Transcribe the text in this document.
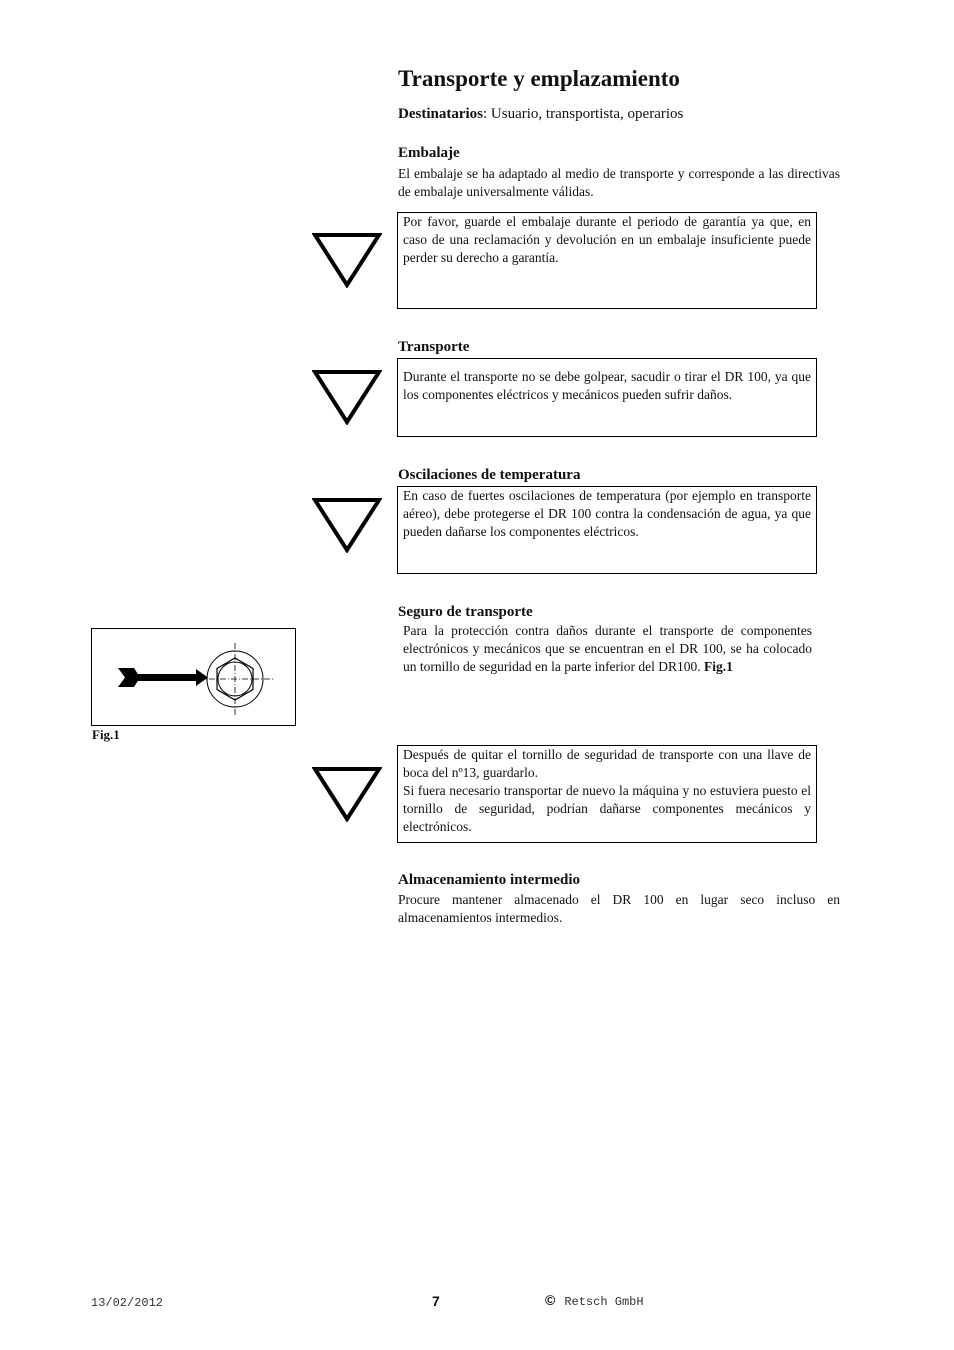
Transporte y emplazamiento
Destinatarios: Usuario, transportista, operarios
Embalaje
El embalaje se ha adaptado al medio de transporte y corresponde a las directivas de embalaje universalmente válidas.

Por favor, guarde el embalaje durante el periodo de garantía ya que, en caso de una reclamación y devolución en un embalaje insuficiente puede perder su derecho a garantía.

Transporte

Durante el transporte no se debe golpear, sacudir o tirar el DR 100, ya que los componentes eléctricos y mecánicos pueden sufrir daños.

Oscilaciones de temperatura

En caso de fuertes oscilaciones de temperatura (por ejemplo en transporte aéreo), debe protegerse el DR 100 contra la condensación de agua, ya que pueden dañarse los componentes eléctricos.

Seguro de transporte
Para la protección contra daños durante el transporte de componentes electrónicos y mecánicos que se encuentran en el DR 100, se ha colocado un tornillo de seguridad en la parte inferior del DR100. Fig.1
Fig.1

Después de quitar el tornillo de seguridad de transporte con una llave de boca del nº13, guardarlo.

Si fuera necesario transportar de nuevo la máquina y no estuviera puesto el tornillo de seguridad, podrían dañarse componentes mecánicos y electrónicos.

Almacenamiento intermedio
Procure mantener almacenado el DR 100 en lugar seco incluso en almacenamientos intermedios.
13/02/2012	7	© Retsch GmbH
